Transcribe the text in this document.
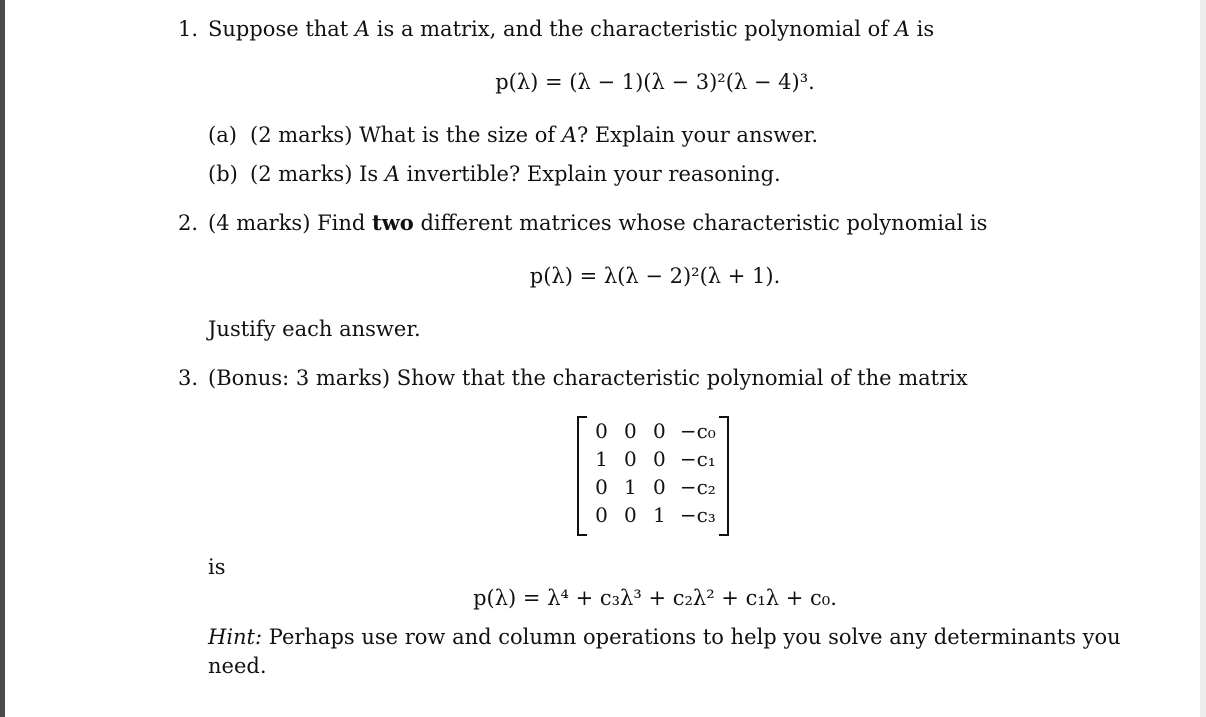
1. Suppose that A is a matrix, and the characteristic polynomial of A is
p(λ) = (λ − 1)(λ − 3)²(λ − 4)³.
(a) (2 marks) What is the size of A? Explain your answer.
(b) (2 marks) Is A invertible? Explain your reasoning.
2. (4 marks) Find two different matrices whose characteristic polynomial is
p(λ) = λ(λ − 2)²(λ + 1).
Justify each answer.
3. (Bonus: 3 marks) Show that the characteristic polynomial of the matrix
0	0	0	−c₀
1	0	0	−c₁
0	1	0	−c₂
0	0	1	−c₃
is
p(λ) = λ⁴ + c₃λ³ + c₂λ² + c₁λ + c₀.
Hint: Perhaps use row and column operations to help you solve any determinants you
need.
